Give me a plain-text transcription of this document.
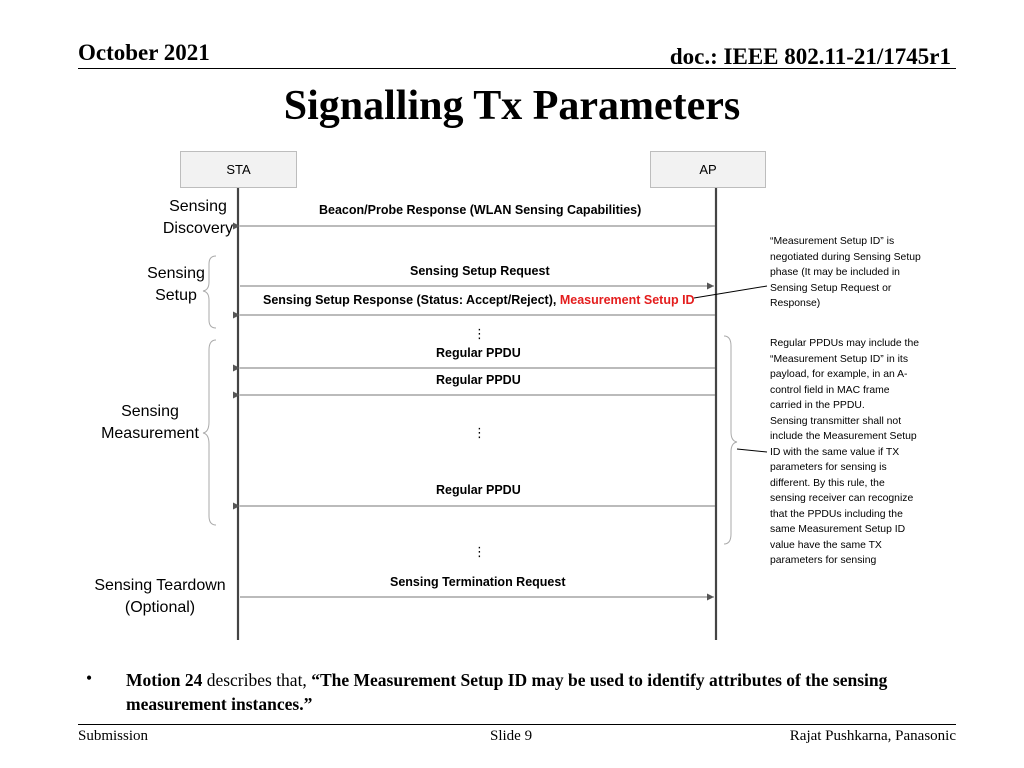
October 2021	doc.: IEEE 802.11-21/1745r1
Signalling Tx Parameters
STA	AP
Sensing
Discovery
Sensing
Setup
Sensing
Measurement
Sensing Teardown
(Optional)
Beacon/Probe Response (WLAN Sensing Capabilities)
Sensing Setup Request
Sensing Setup Response (Status: Accept/Reject), Measurement Setup ID
⋮
Regular PPDU
Regular PPDU
⋮
Regular PPDU
⋮
Sensing Termination Request
“Measurement Setup ID” is
negotiated during Sensing Setup
phase (It may be included in
Sensing Setup Request or
Response)
Regular PPDUs may include the
“Measurement Setup ID” in its
payload, for example, in an A-
control field in MAC frame
carried in the PPDU.
Sensing transmitter shall not
include the Measurement Setup
ID with the same value if TX
parameters for sensing is
different. By this rule, the
sensing receiver can recognize
that the PPDUs including the
same Measurement Setup ID
value have the same TX
parameters for sensing
• Motion 24 describes that, “The Measurement Setup ID may be used to identify attributes of the sensing measurement instances.”
Submission	Slide 9	Rajat Pushkarna, Panasonic
